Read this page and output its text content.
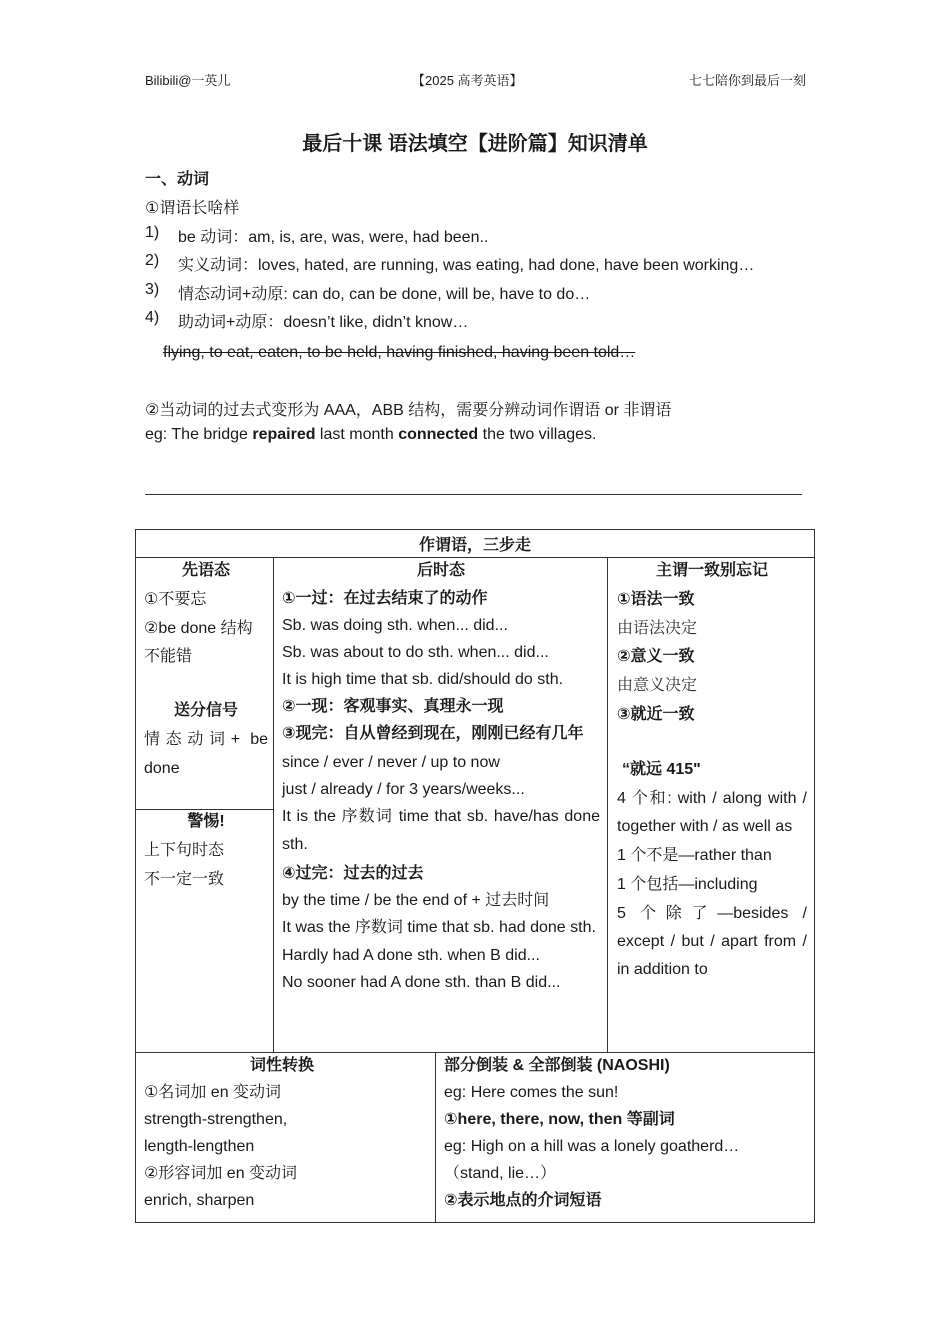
Bilibili@一英儿	【2025 高考英语】	七七陪你到最后一刻
最后十课 语法填空【进阶篇】知识清单
一、动词
①谓语长啥样
1) be 动词：am, is, are, was, were, had been..
2) 实义动词：loves, hated, are running, was eating, had done, have been working…
3) 情态动词+动原: can do, can be done, will be, have to do…
4) 助动词+动原：doesn’t like, didn’t know…
flying, to eat, eaten, to be held, having finished, having been told…
②当动词的过去式变形为 AAA，ABB 结构，需要分辨动词作谓语 or 非谓语
eg: The bridge repaired last month connected the two villages.
作谓语，三步走
先语态
①不要忘
②be done 结构
不能错
送分信号
情态动词+ be done
警惕!
上下句时态
不一定一致
后时态
①一过：在过去结束了的动作
Sb. was doing sth. when... did...
Sb. was about to do sth. when... did...
It is high time that sb. did/should do sth.
②一现：客观事实、真理永一现
③现完：自从曾经到现在，刚刚已经有几年
since / ever / never / up to now
just / already / for 3 years/weeks...
It is the 序数词 time that sb. have/has done sth.
④过完：过去的过去
by the time / be the end of + 过去时间
It was the 序数词 time that sb. had done sth.
Hardly had A done sth. when B did...
No sooner had A done sth. than B did...
主谓一致别忘记
①语法一致
由语法决定
②意义一致
由意义决定
③就近一致
“就远 415"
4 个和: with / along with / together with / as well as
1 个不是—rather than
1 个包括—including
5 个除了—besides / except / but / apart from / in addition to
词性转换
①名词加 en 变动词
strength-strengthen,
length-lengthen
②形容词加 en 变动词
enrich, sharpen
部分倒装 & 全部倒装 (NAOSHI)
eg: Here comes the sun!
①here, there, now, then 等副词
eg: High on a hill was a lonely goatherd…
（stand, lie…）
②表示地点的介词短语
